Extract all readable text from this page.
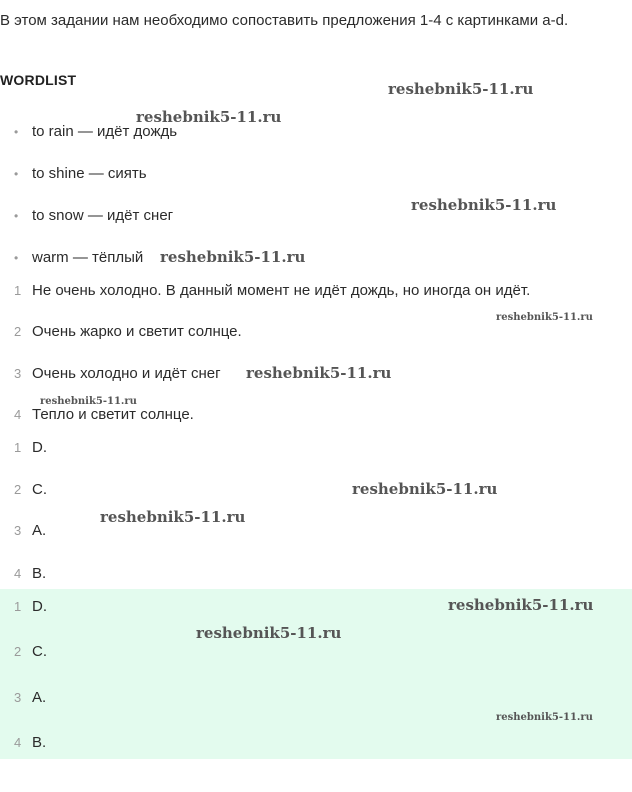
В этом задании нам необходимо сопоставить предложения 1-4 с картинками a-d.

WORDLIST
• to rain — идёт дождь
• to shine — сиять
• to snow — идёт снег
• warm — тёплый
1 Не очень холодно. В данный момент не идёт дождь, но иногда он идёт.
2 Очень жарко и светит солнце.
3 Очень холодно и идёт снег
4 Тепло и светит солнце.
1 D.
2 C.
3 A.
4 B.
1 D.
2 C.
3 A.
4 B.
reshebnik5-11.ru
reshebnik5-11.ru
reshebnik5-11.ru
reshebnik5-11.ru
reshebnik5-11.ru
reshebnik5-11.ru
reshebnik5-11.ru
reshebnik5-11.ru
reshebnik5-11.ru
reshebnik5-11.ru
reshebnik5-11.ru
reshebnik5-11.ru
